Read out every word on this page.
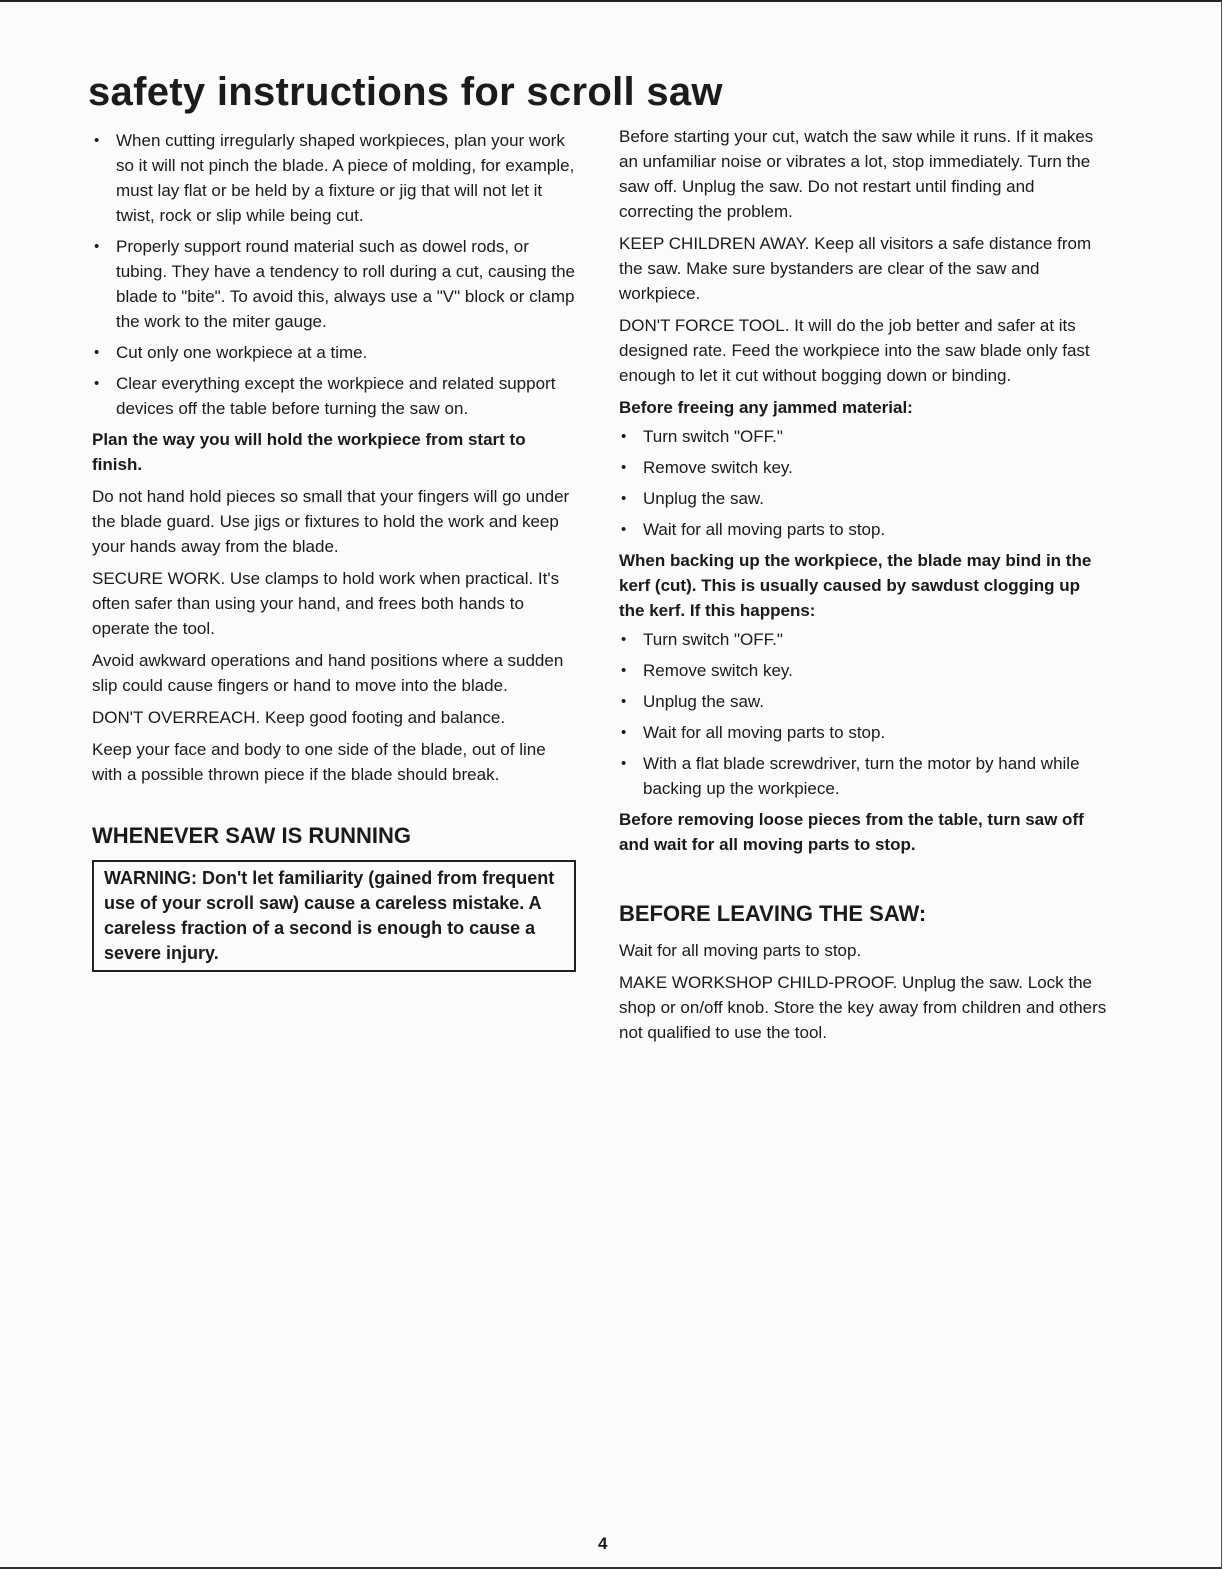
safety instructions for scroll saw
• When cutting irregularly shaped workpieces, plan your work so it will not pinch the blade. A piece of molding, for example, must lay flat or be held by a fixture or jig that will not let it twist, rock or slip while being cut.
• Properly support round material such as dowel rods, or tubing. They have a tendency to roll during a cut, causing the blade to "bite". To avoid this, always use a "V" block or clamp the work to the miter gauge.
• Cut only one workpiece at a time.
• Clear everything except the workpiece and related support devices off the table before turning the saw on.

Plan the way you will hold the workpiece from start to finish.

Do not hand hold pieces so small that your fingers will go under the blade guard. Use jigs or fixtures to hold the work and keep your hands away from the blade.

SECURE WORK. Use clamps to hold work when practical. It's often safer than using your hand, and frees both hands to operate the tool.

Avoid awkward operations and hand positions where a sudden slip could cause fingers or hand to move into the blade.

DON'T OVERREACH. Keep good footing and balance.

Keep your face and body to one side of the blade, out of line with a possible thrown piece if the blade should break.

WHENEVER SAW IS RUNNING
WARNING: Don't let familiarity (gained from frequent use of your scroll saw) cause a careless mistake. A careless fraction of a second is enough to cause a severe injury.

Before starting your cut, watch the saw while it runs. If it makes an unfamiliar noise or vibrates a lot, stop immediately. Turn the saw off. Unplug the saw. Do not restart until finding and correcting the problem.

KEEP CHILDREN AWAY. Keep all visitors a safe distance from the saw. Make sure bystanders are clear of the saw and workpiece.

DON'T FORCE TOOL. It will do the job better and safer at its designed rate. Feed the workpiece into the saw blade only fast enough to let it cut without bogging down or binding.

Before freeing any jammed material:

• Turn switch "OFF."
• Remove switch key.
• Unplug the saw.
• Wait for all moving parts to stop.

When backing up the workpiece, the blade may bind in the kerf (cut). This is usually caused by sawdust clogging up the kerf. If this happens:

• Turn switch "OFF."
• Remove switch key.
• Unplug the saw.
• Wait for all moving parts to stop.
• With a flat blade screwdriver, turn the motor by hand while backing up the workpiece.

Before removing loose pieces from the table, turn saw off and wait for all moving parts to stop.

BEFORE LEAVING THE SAW:

Wait for all moving parts to stop.

MAKE WORKSHOP CHILD-PROOF. Unplug the saw. Lock the shop or on/off knob. Store the key away from children and others not qualified to use the tool.

4
